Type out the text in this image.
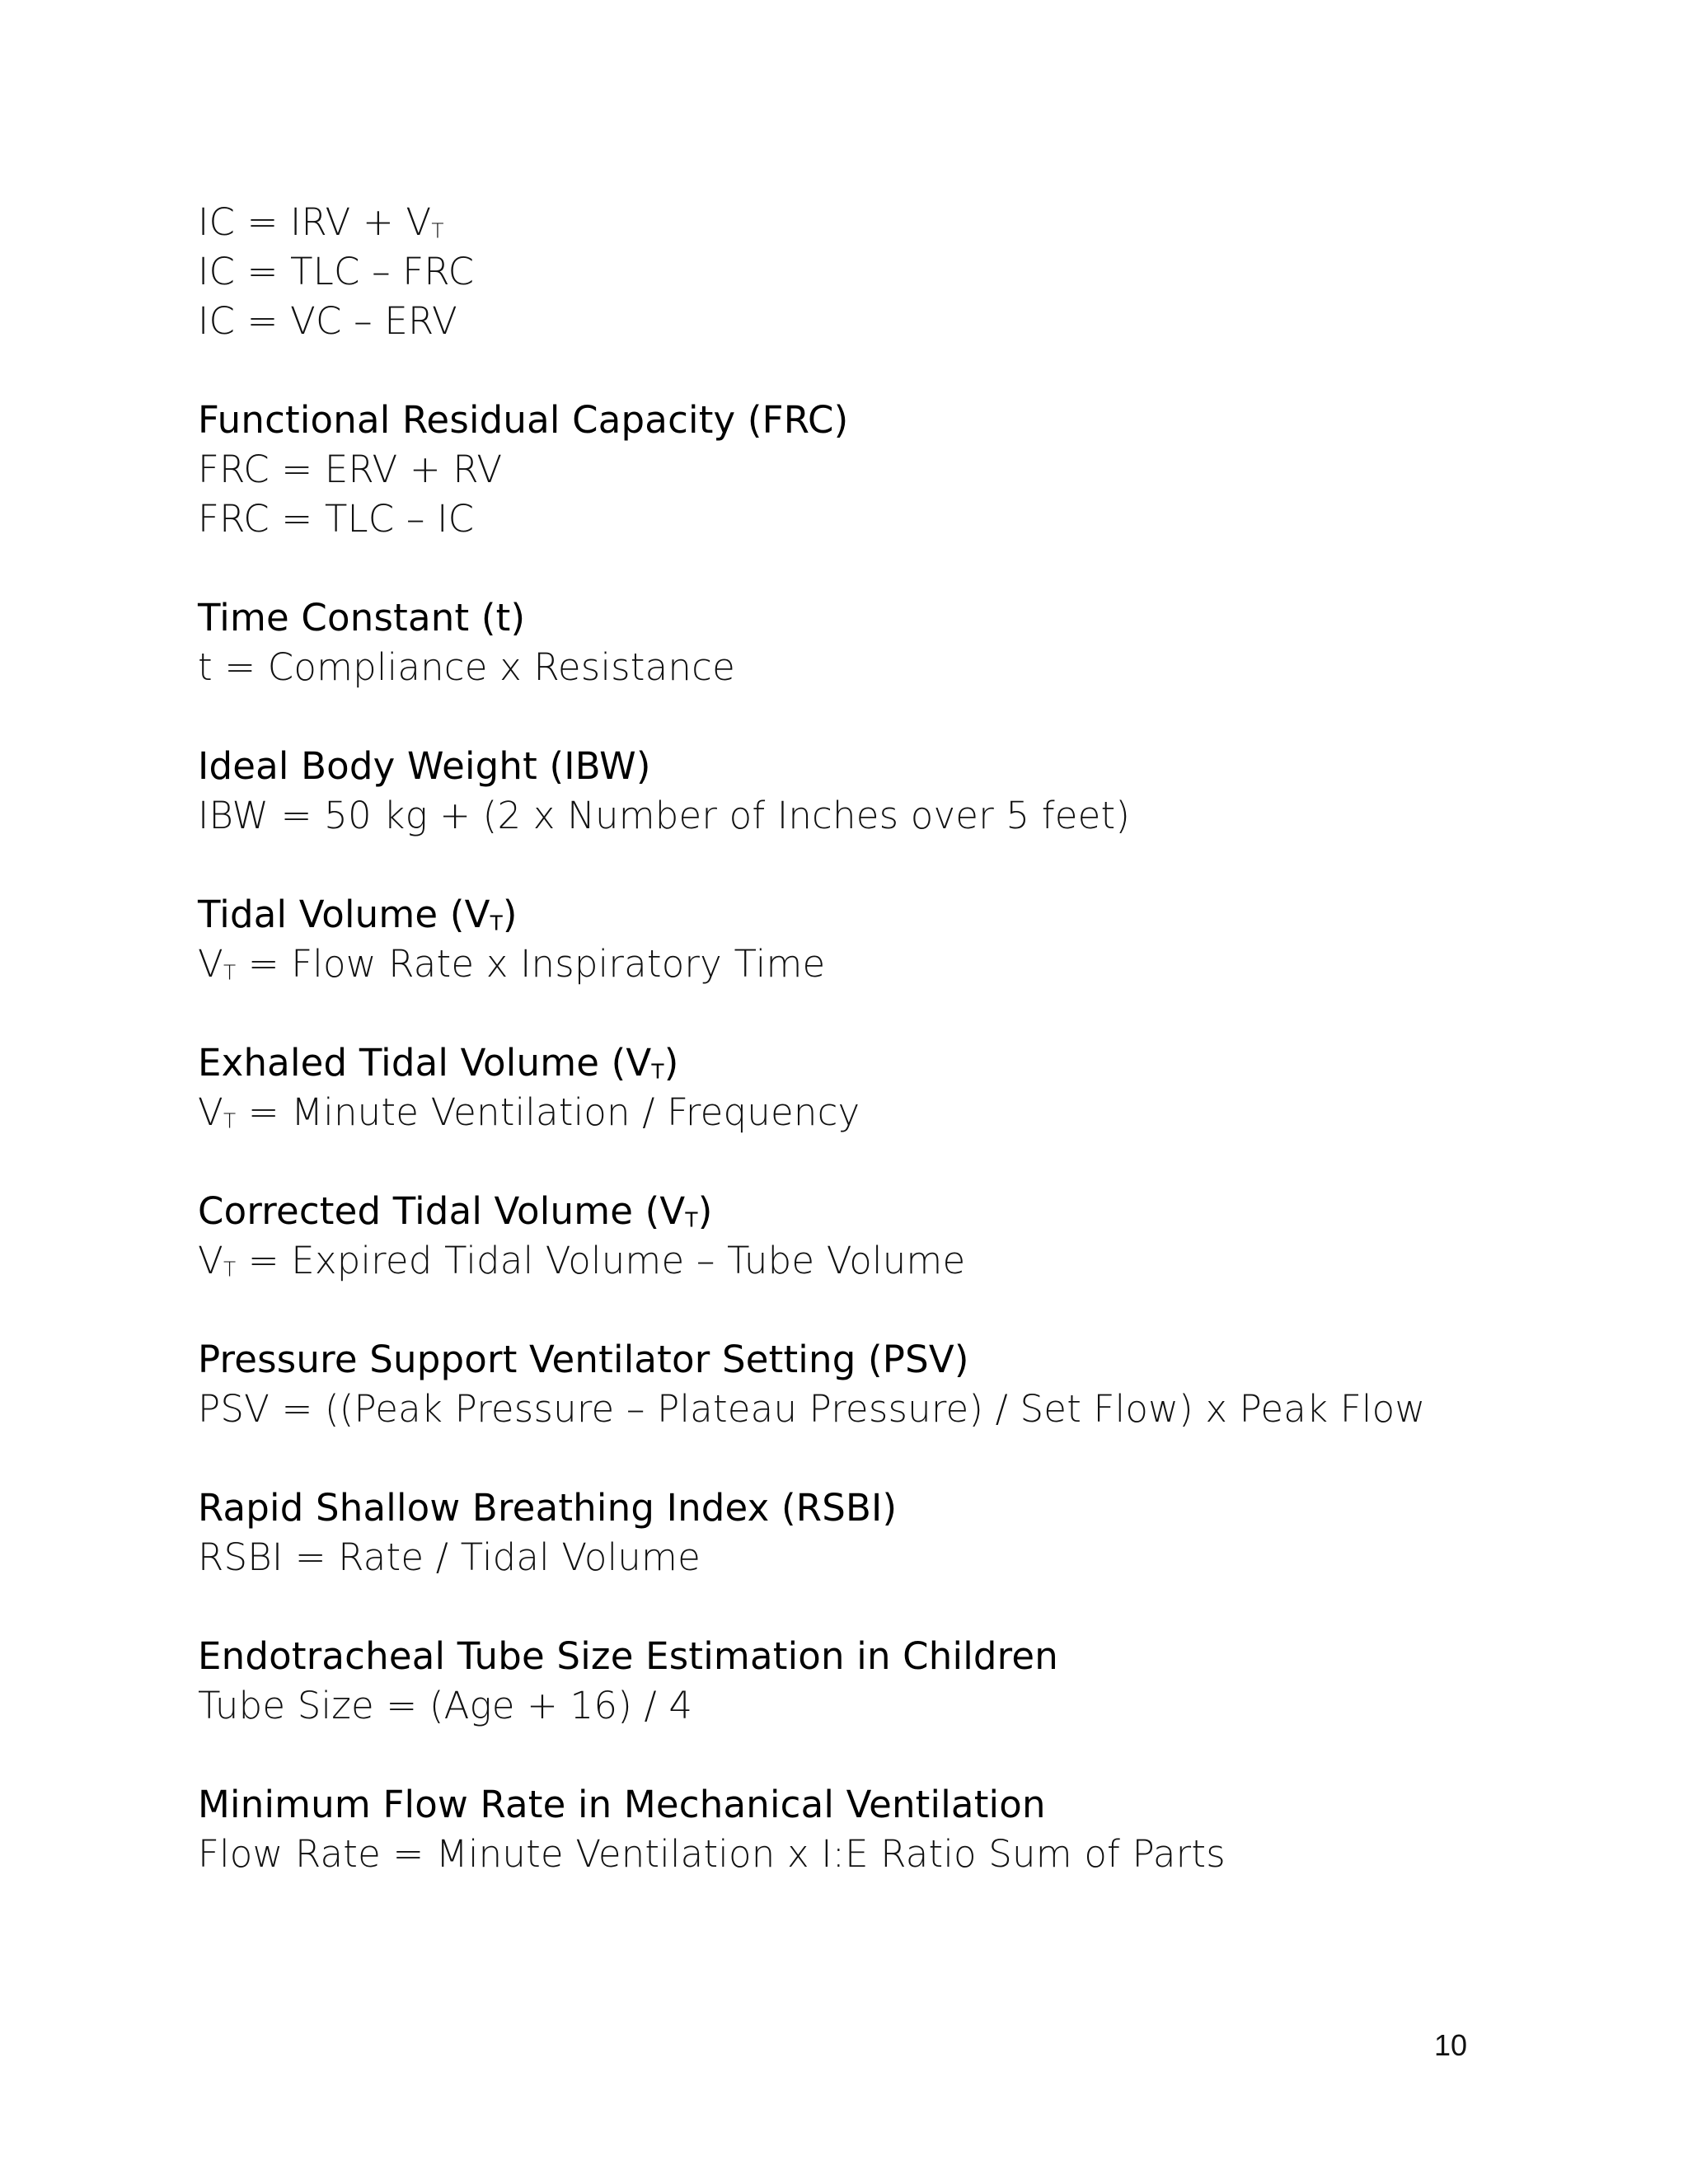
IC = IRV + $V_T$
IC = TLC – FRC
IC = VC – ERV
Functional Residual Capacity (FRC)
FRC = ERV + RV
FRC = TLC – IC
Time Constant (t)
t = Compliance x Resistance
Ideal Body Weight (IBW)
IBW = 50 kg + (2 x Number of Inches over 5 feet)
Tidal Volume $(V_T)$
$V_T$ = Flow Rate x Inspiratory Time
Exhaled Tidal Volume $(V_T)$
$V_T$ = Minute Ventilation / Frequency
Corrected Tidal Volume $(V_T)$
$V_T$ = Expired Tidal Volume – Tube Volume
Pressure Support Ventilator Setting (PSV)
PSV = ((Peak Pressure – Plateau Pressure) / Set Flow) x Peak Flow
Rapid Shallow Breathing Index (RSBI)
RSBI = Rate / Tidal Volume
Endotracheal Tube Size Estimation in Children
Tube Size = (Age + 16) / 4
Minimum Flow Rate in Mechanical Ventilation
Flow Rate = Minute Ventilation x I:E Ratio Sum of Parts
10
